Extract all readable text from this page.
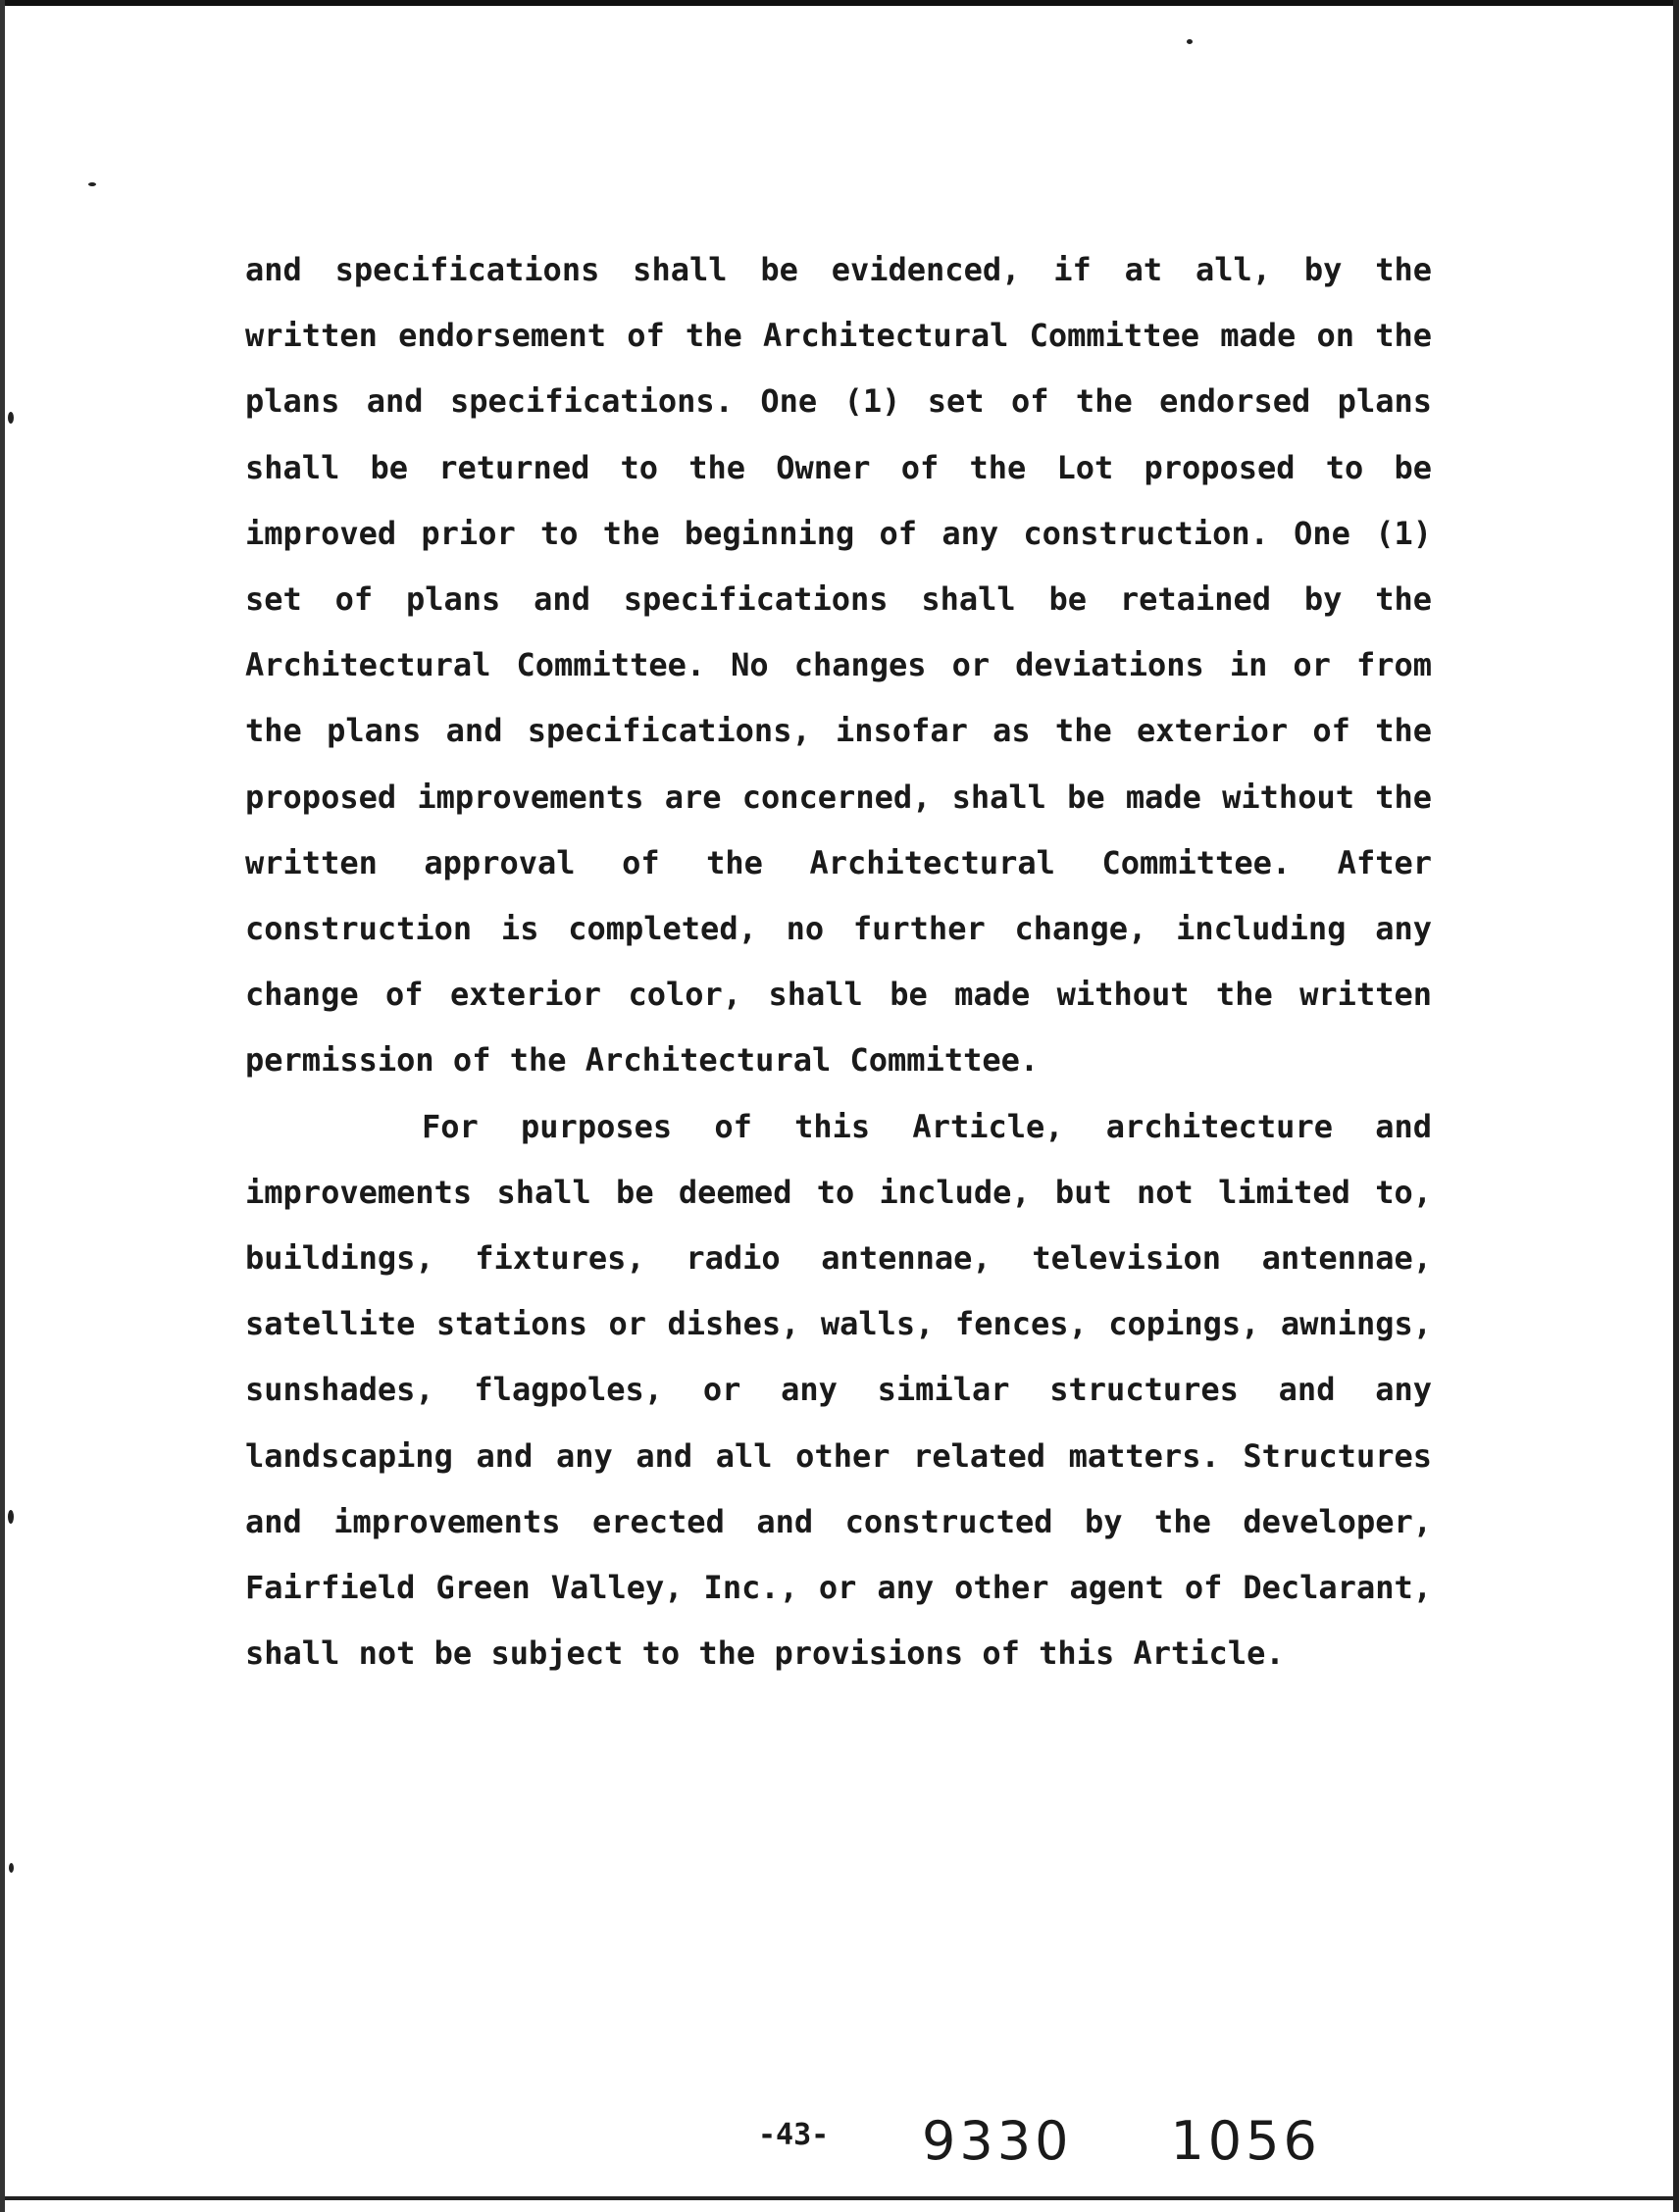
and specifications shall be evidenced, if at all, by the written endorsement of the Architectural Committee made on the plans and specifications. One (1) set of the endorsed plans shall be returned to the Owner of the Lot proposed to be improved prior to the beginning of any construction. One (1) set of plans and specifications shall be retained by the Architectural Committee. No changes or deviations in or from the plans and specifications, insofar as the exterior of the proposed improvements are concerned, shall be made without the written approval of the Architectural Committee. After construction is completed, no further change, including any change of exterior color, shall be made without the written permission of the Architectural Committee.

For purposes of this Article, architecture and improvements shall be deemed to include, but not limited to, buildings, fixtures, radio antennae, television antennae, satellite stations or dishes, walls, fences, copings, awnings, sunshades, flagpoles, or any similar structures and any landscaping and any and all other related matters. Structures and improvements erected and constructed by the developer, Fairfield Green Valley, Inc., or any other agent of Declarant, shall not be subject to the provisions of this Article.

-43- 9330 1056
